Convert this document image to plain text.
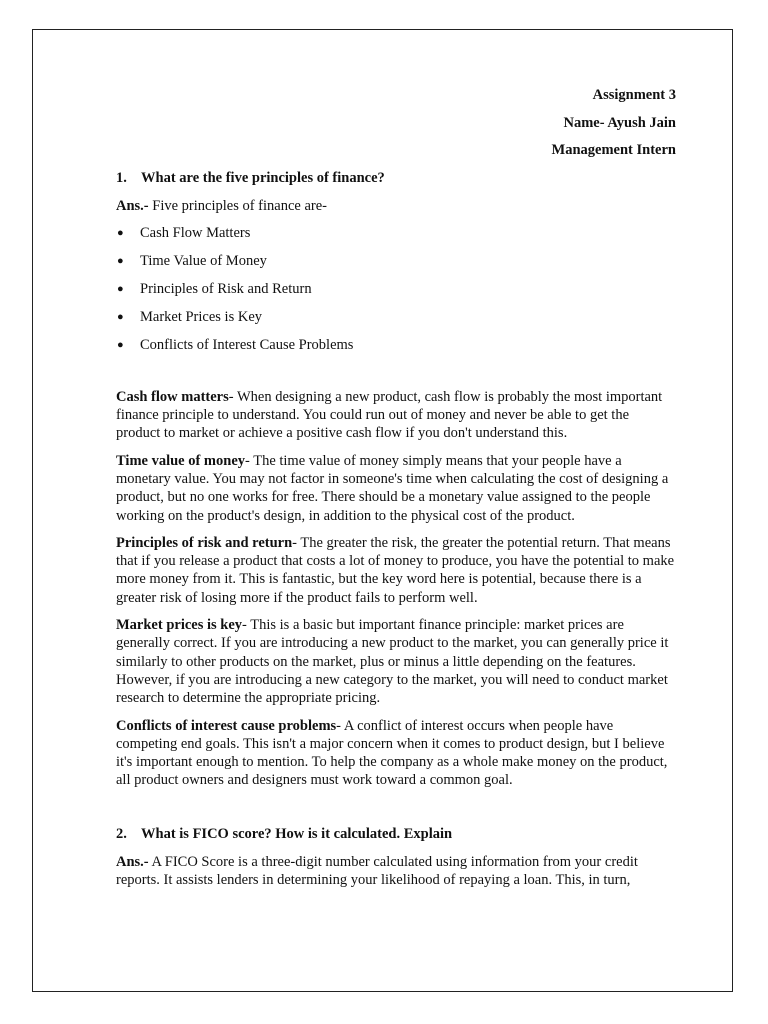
Assignment 3

Name- Ayush Jain

Management Intern

1. What are the five principles of finance?

Ans.- Five principles of finance are-

●	Cash Flow Matters
●	Time Value of Money
●	Principles of Risk and Return
●	Market Prices is Key
●	Conflicts of Interest Cause Problems

Cash flow matters- When designing a new product, cash flow is probably the most important finance principle to understand. You could run out of money and never be able to get the product to market or achieve a positive cash flow if you don't understand this.

Time value of money- The time value of money simply means that your people have a monetary value. You may not factor in someone's time when calculating the cost of designing a product, but no one works for free. There should be a monetary value assigned to the people working on the product's design, in addition to the physical cost of the product.

Principles of risk and return- The greater the risk, the greater the potential return. That means that if you release a product that costs a lot of money to produce, you have the potential to make more money from it. This is fantastic, but the key word here is potential, because there is a greater risk of losing more if the product fails to perform well.

Market prices is key- This is a basic but important finance principle: market prices are generally correct. If you are introducing a new product to the market, you can generally price it similarly to other products on the market, plus or minus a little depending on the features. However, if you are introducing a new category to the market, you will need to conduct market research to determine the appropriate pricing.

Conflicts of interest cause problems- A conflict of interest occurs when people have competing end goals. This isn't a major concern when it comes to product design, but I believe it's important enough to mention. To help the company as a whole make money on the product, all product owners and designers must work toward a common goal.

2. What is FICO score? How is it calculated. Explain

Ans.- A FICO Score is a three-digit number calculated using information from your credit reports. It assists lenders in determining your likelihood of repaying a loan. This, in turn,
